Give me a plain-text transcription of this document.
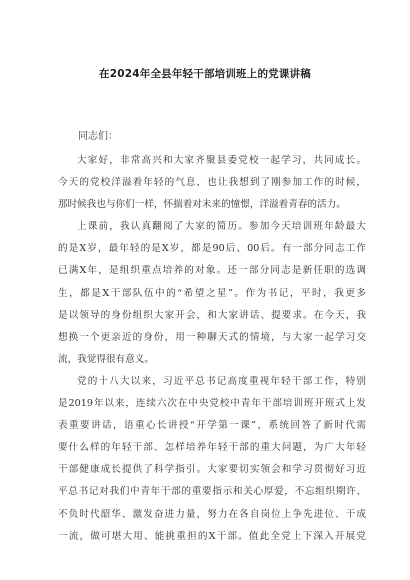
在2024年全县年轻干部培训班上的党课讲稿
同志们：
大家好，非常高兴和大家齐聚县委党校一起学习，共同成长。
今天的党校洋溢着年轻的气息，也让我想到了刚参加工作的时候，
那时候我也与你们一样，怀揣着对未来的憧憬，洋溢着青春的活力。
上课前，我认真翻阅了大家的简历。参加今天培训班年龄最大
的是X岁，最年轻的是X岁，都是90后、00后。有一部分同志工作
已满X年，是组织重点培养的对象。还一部分同志是新任职的选调
生，都是X干部队伍中的“希望之星”。作为书记，平时，我更多
是以领导的身份组织大家开会，和大家讲话、提要求。在今天，我
想换一个更亲近的身份，用一种聊天式的情境，与大家一起学习交
流，我觉得很有意义。
党的十八大以来，习近平总书记高度重视年轻干部工作，特别
是2019年以来，连续六次在中央党校中青年干部培训班开班式上发
表重要讲话，语重心长讲授“开学第一课”，系统回答了新时代需
要什么样的年轻干部、怎样培养年轻干部的重大问题，为广大年轻
干部健康成长提供了科学指引。大家要切实领会和学习贯彻好习近
平总书记对我们中青年干部的重要指示和关心厚爱，不忘组织期许、
不负时代韶华、激发奋进力量，努力在各自岗位上争先进位、干成
一流，做可堪大用、能挑重担的X干部。值此全党上下深入开展党
